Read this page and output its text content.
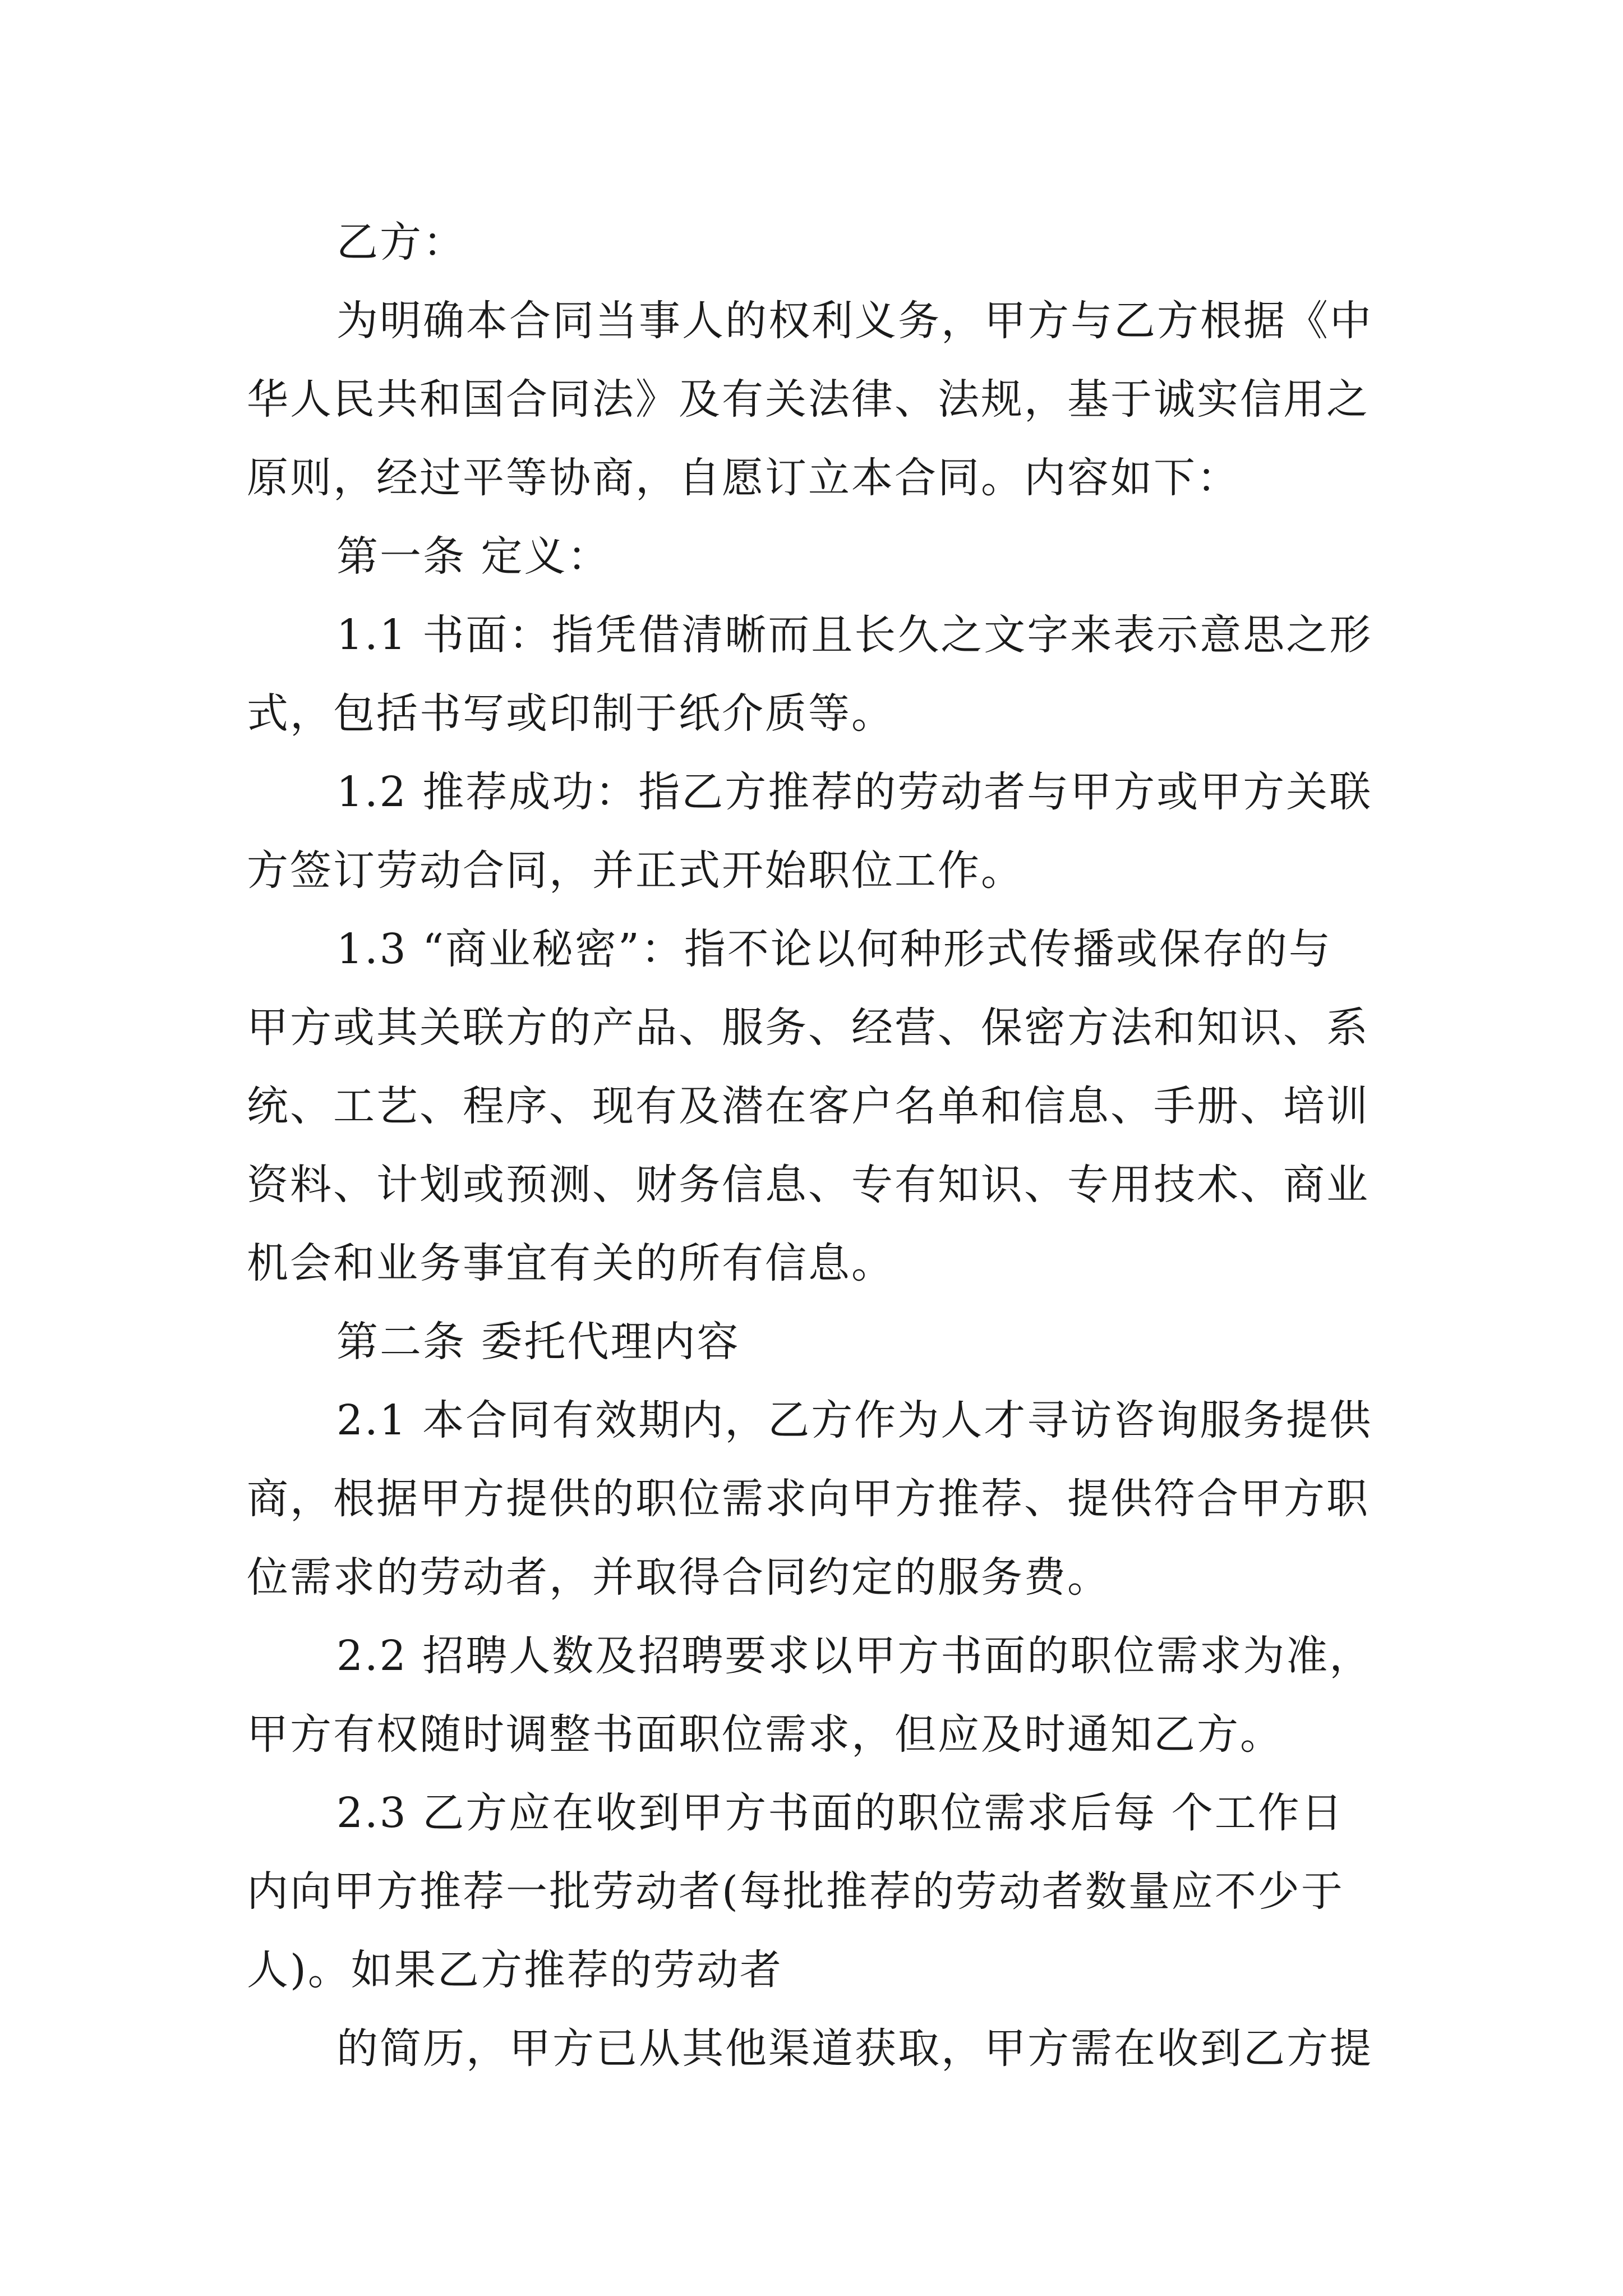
乙方：
为明确本合同当事人的权利义务，甲方与乙方根据《中
华人民共和国合同法》及有关法律、法规，基于诚实信用之
原则，经过平等协商，自愿订立本合同。内容如下：
第一条 定义：
1.1 书面：指凭借清晰而且长久之文字来表示意思之形
式，包括书写或印制于纸介质等。
1.2 推荐成功：指乙方推荐的劳动者与甲方或甲方关联
方签订劳动合同，并正式开始职位工作。
1.3 “商业秘密”：指不论以何种形式传播或保存的与
甲方或其关联方的产品、服务、经营、保密方法和知识、系
统、工艺、程序、现有及潜在客户名单和信息、手册、培训
资料、计划或预测、财务信息、专有知识、专用技术、商业
机会和业务事宜有关的所有信息。
第二条 委托代理内容
2.1 本合同有效期内，乙方作为人才寻访咨询服务提供
商，根据甲方提供的职位需求向甲方推荐、提供符合甲方职
位需求的劳动者，并取得合同约定的服务费。
2.2 招聘人数及招聘要求以甲方书面的职位需求为准，
甲方有权随时调整书面职位需求，但应及时通知乙方。
2.3 乙方应在收到甲方书面的职位需求后每 个工作日
内向甲方推荐一批劳动者(每批推荐的劳动者数量应不少于
人)。如果乙方推荐的劳动者
的简历，甲方已从其他渠道获取，甲方需在收到乙方提
